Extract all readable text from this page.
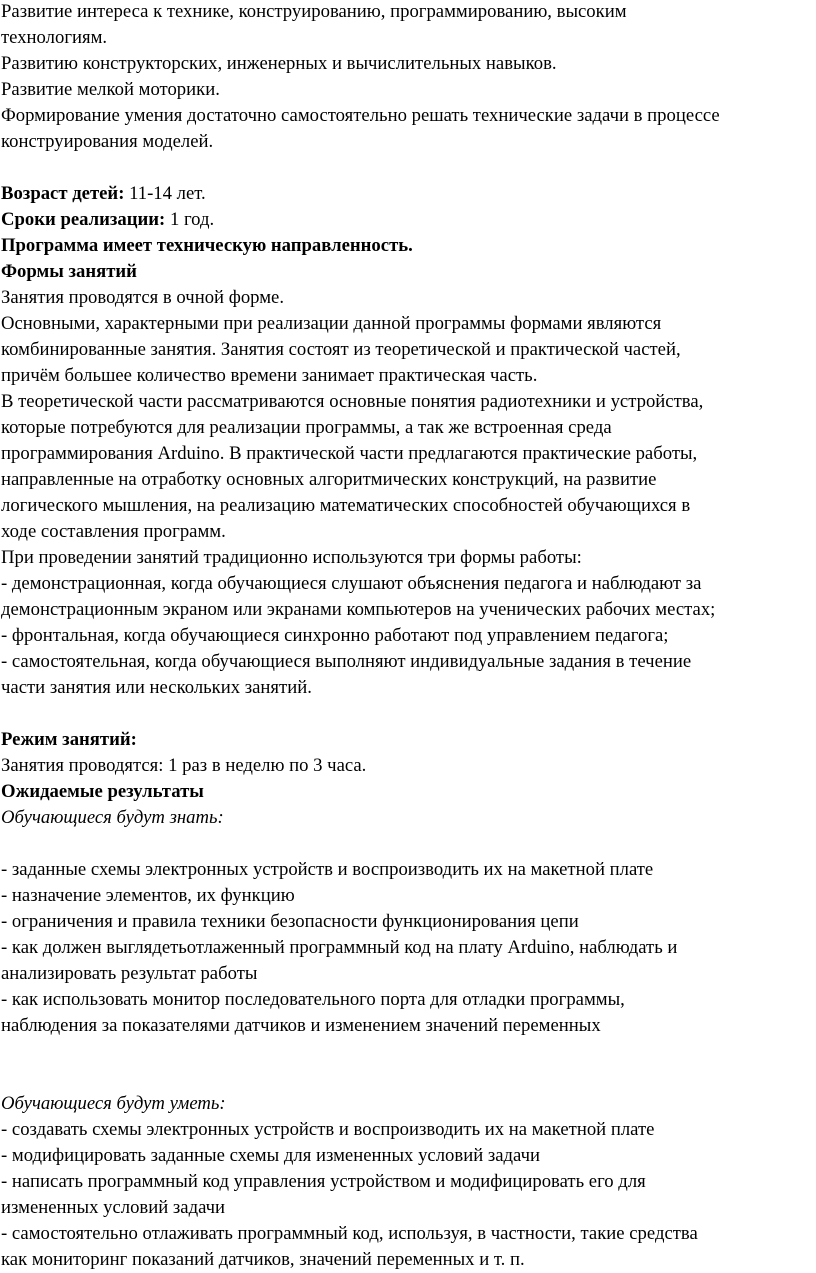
Развитие интереса к технике, конструированию, программированию, высоким
технологиям.
Развитию конструкторских, инженерных и вычислительных навыков.
Развитие мелкой моторики.
Формирование умения достаточно самостоятельно решать технические задачи в процессе
конструирования моделей.
Возраст детей: 11-14 лет.
Сроки реализации: 1 год.
Программа имеет техническую направленность.
Формы занятий
Занятия проводятся в очной форме.
Основными, характерными при реализации данной программы формами являются
комбинированные занятия. Занятия состоят из теоретической и практической частей,
причём большее количество времени занимает практическая часть.
В теоретической части рассматриваются основные понятия радиотехники и устройства,
которые потребуются для реализации программы, а так же встроенная среда
программирования Arduino. В практической части предлагаются практические работы,
направленные на отработку основных алгоритмических конструкций, на развитие
логического мышления, на реализацию математических способностей обучающихся в
ходе составления программ.
При проведении занятий традиционно используются три формы работы:
- демонстрационная, когда обучающиеся слушают объяснения педагога и наблюдают за
демонстрационным экраном или экранами компьютеров на ученических рабочих местах;
- фронтальная, когда обучающиеся синхронно работают под управлением педагога;
- самостоятельная, когда обучающиеся выполняют индивидуальные задания в течение
части занятия или нескольких занятий.
Режим занятий:
Занятия проводятся: 1 раз в неделю по 3 часа.
Ожидаемые результаты
Обучающиеся будут знать:
- заданные схемы электронных устройств и воспроизводить их на макетной плате
- назначение элементов, их функцию
- ограничения и правила техники безопасности функционирования цепи
- как должен выглядетьотлаженный программный код на плату Arduino, наблюдать и
анализировать результат работы
- как использовать монитор последовательного порта для отладки программы,
наблюдения за показателями датчиков и изменением значений переменных
Обучающиеся будут уметь:
- создавать схемы электронных устройств и воспроизводить их на макетной плате
- модифицировать заданные схемы для измененных условий задачи
- написать программный код управления устройством и модифицировать его для
измененных условий задачи
- самостоятельно отлаживать программный код, используя, в частности, такие средства
как мониторинг показаний датчиков, значений переменных и т. п.
